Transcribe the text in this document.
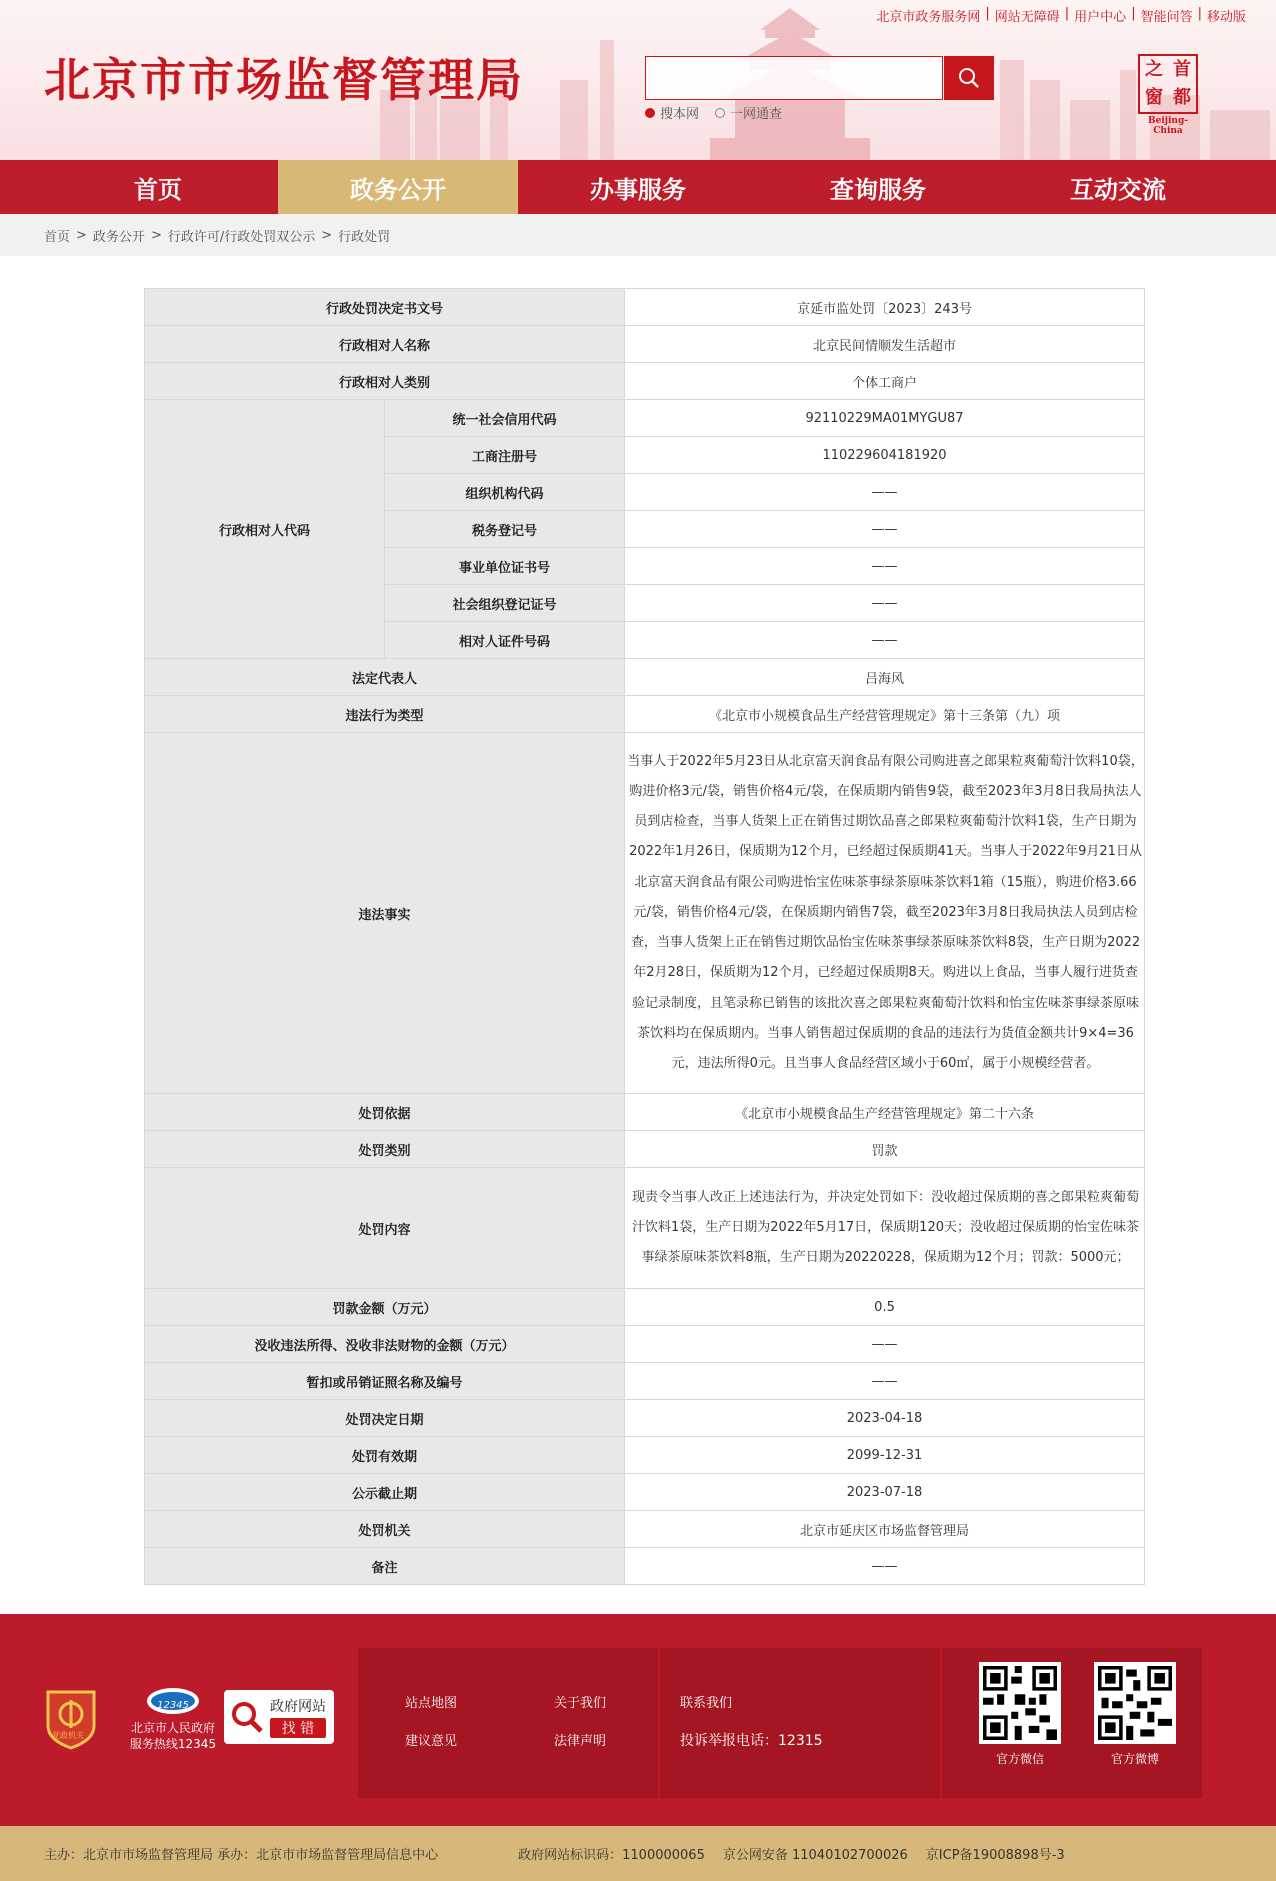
北京市市场监督管理局
北京市政务服务网 | 网站无障碍 | 用户中心 | 智能问答 | 移动版
搜本网 一网通查
之 首
窗 都
Beijing-China
首页	政务公开	办事服务	查询服务	互动交流
首页 > 政务公开 > 行政许可/行政处罚双公示 > 行政处罚
行政处罚决定书文号		京延市监处罚〔2023〕243号
行政相对人名称		北京民间情顺发生活超市
行政相对人类别		个体工商户
行政相对人代码	统一社会信用代码	92110229MA01MYGU87
	工商注册号	110229604181920
	组织机构代码	——
	税务登记号	——
	事业单位证书号	——
	社会组织登记证号	——
	相对人证件号码	——
法定代表人		吕海风
违法行为类型		《北京市小规模食品生产经营管理规定》第十三条第（九）项
违法事实		当事人于2022年5月23日从北京富天润食品有限公司购进喜之郎果粒爽葡萄汁饮料10袋，购进价格3元/袋，销售价格4元/袋，在保质期内销售9袋，截至2023年3月8日我局执法人员到店检查，当事人货架上正在销售过期饮品喜之郎果粒爽葡萄汁饮料1袋，生产日期为2022年1月26日，保质期为12个月，已经超过保质期41天。当事人于2022年9月21日从北京富天润食品有限公司购进怡宝佐味茶事绿茶原味茶饮料1箱（15瓶），购进价格3.66元/袋，销售价格4元/袋，在保质期内销售7袋，截至2023年3月8日我局执法人员到店检查，当事人货架上正在销售过期饮品怡宝佐味茶事绿茶原味茶饮料8袋，生产日期为2022年2月28日，保质期为12个月，已经超过保质期8天。购进以上食品，当事人履行进货查验记录制度，且笔录称已销售的该批次喜之郎果粒爽葡萄汁饮料和怡宝佐味茶事绿茶原味茶饮料均在保质期内。当事人销售超过保质期的食品的违法行为货值金额共计9×4=36元，违法所得0元。且当事人食品经营区域小于60㎡，属于小规模经营者。
处罚依据		《北京市小规模食品生产经营管理规定》第二十六条
处罚类别		罚款
处罚内容		现责令当事人改正上述违法行为，并决定处罚如下：没收超过保质期的喜之郎果粒爽葡萄汁饮料1袋，生产日期为2022年5月17日，保质期120天；没收超过保质期的怡宝佐味茶事绿茶原味茶饮料8瓶，生产日期为20220228，保质期为12个月；罚款：5000元；
罚款金额（万元）		0.5
没收违法所得、没收非法财物的金额（万元）		——
暂扣或吊销证照名称及编号		——
处罚决定日期		2023-04-18
处罚有效期		2099-12-31
公示截止期		2023-07-18
处罚机关		北京市延庆区市场监督管理局
备注		——
党政机关
$^{12345}$
北京市人民政府服务热线12345
政府网站
找 错
站点地图	关于我们
建议意见	法律声明
联系我们
投诉举报电话：12315
官方微信	官方微博
主办：北京市市场监督管理局 承办：北京市市场监督管理局信息中心	政府网站标识码：1100000065 京公网安备 11040102700026 京ICP备19008898号-3
